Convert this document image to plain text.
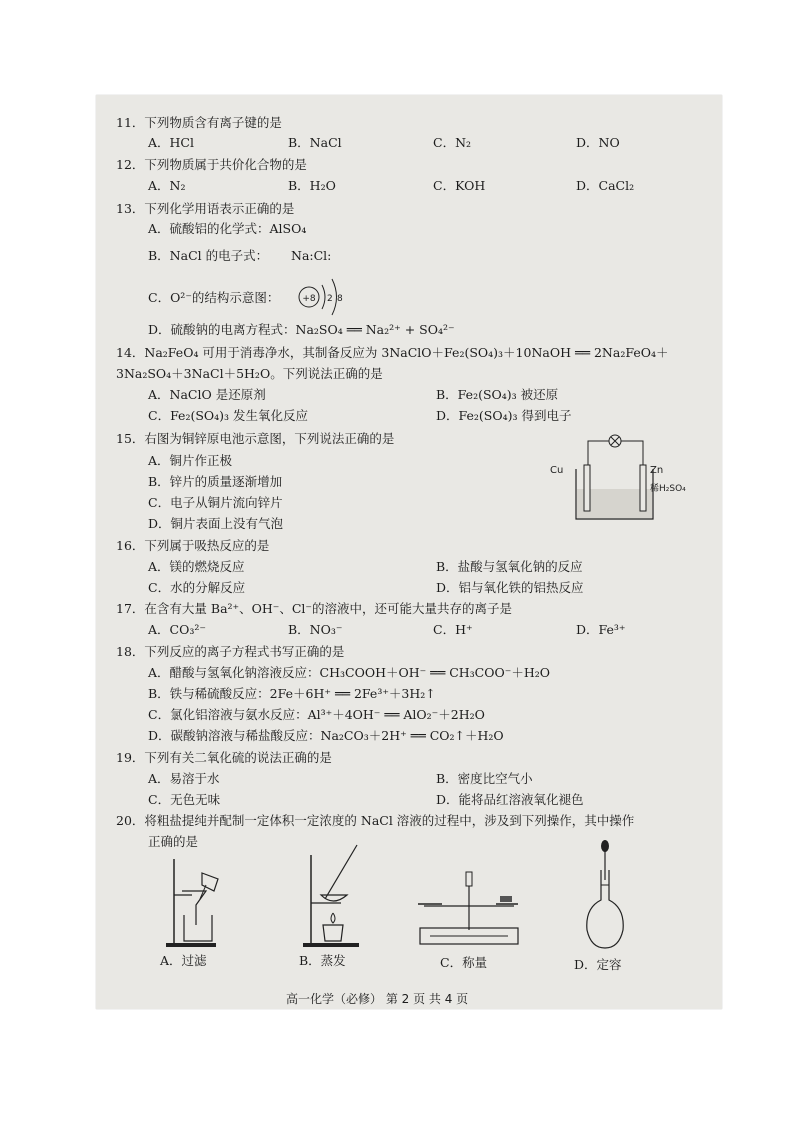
11．下列物质含有离子键的是
A．HCl	B．NaCl	C．N₂	D．NO
12．下列物质属于共价化合物的是
A．N₂	B．H₂O	C．KOH	D．CaCl₂
13．下列化学用语表示正确的是
A．硫酸铝的化学式：AlSO₄
B．NaCl 的电子式： Na:Cl:
C．O²⁻的结构示意图：	+8 2 8
D．硫酸钠的电离方程式：Na₂SO₄ ══ Na₂²⁺ + SO₄²⁻
14．Na₂FeO₄ 可用于消毒净水，其制备反应为 3NaClO＋Fe₂(SO₄)₃＋10NaOH ══ 2Na₂FeO₄＋
3Na₂SO₄＋3NaCl＋5H₂O。下列说法正确的是
A．NaClO 是还原剂	B．Fe₂(SO₄)₃ 被还原
C．Fe₂(SO₄)₃ 发生氧化反应	D．Fe₂(SO₄)₃ 得到电子
15．右图为铜锌原电池示意图，下列说法正确的是
A．铜片作正极
B．锌片的质量逐渐增加
C．电子从铜片流向锌片
D．铜片表面上没有气泡
Cu	Zn
稀H₂SO₄
16．下列属于吸热反应的是
A．镁的燃烧反应	B．盐酸与氢氧化钠的反应
C．水的分解反应	D．铝与氧化铁的铝热反应
17．在含有大量 Ba²⁺、OH⁻、Cl⁻的溶液中，还可能大量共存的离子是
A．CO₃²⁻	B．NO₃⁻	C．H⁺	D．Fe³⁺
18．下列反应的离子方程式书写正确的是
A．醋酸与氢氧化钠溶液反应：CH₃COOH＋OH⁻ ══ CH₃COO⁻＋H₂O
B．铁与稀硫酸反应：2Fe＋6H⁺ ══ 2Fe³⁺＋3H₂↑
C．氯化铝溶液与氨水反应：Al³⁺＋4OH⁻ ══ AlO₂⁻＋2H₂O
D．碳酸钠溶液与稀盐酸反应：Na₂CO₃＋2H⁺ ══ CO₂↑＋H₂O
19．下列有关二氧化硫的说法正确的是
A．易溶于水	B．密度比空气小
C．无色无味	D．能将品红溶液氧化褪色
20．将粗盐提纯并配制一定体积一定浓度的 NaCl 溶液的过程中，涉及到下列操作，其中操作
正确的是
A．过滤	B．蒸发	C．称量	D．定容
高一化学（必修） 第 2 页 共 4 页
